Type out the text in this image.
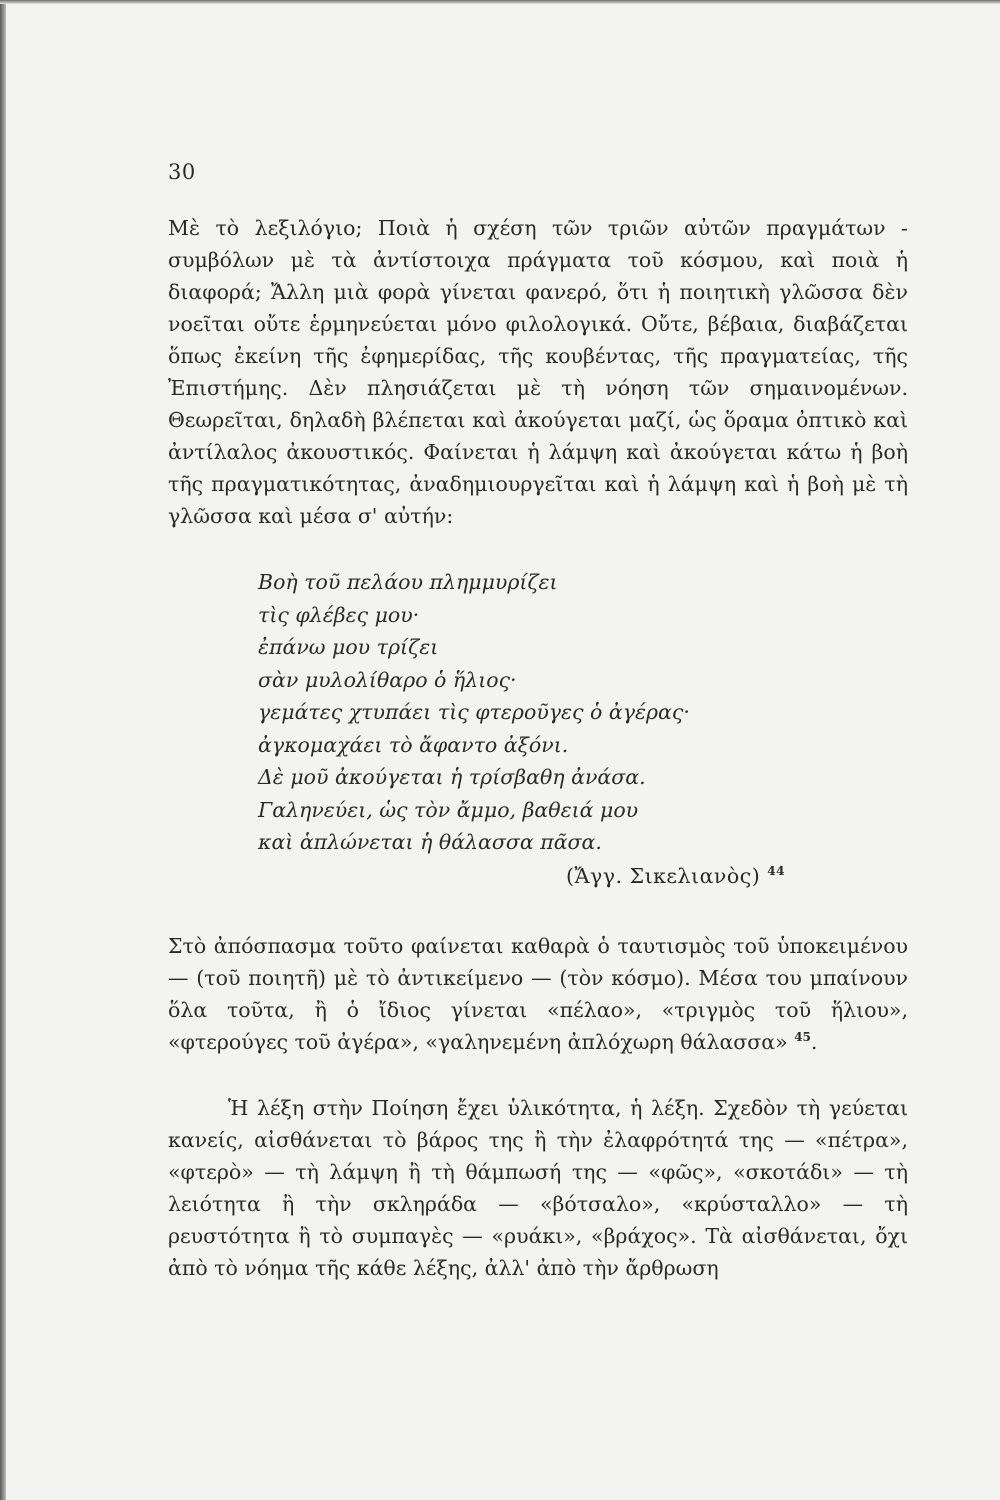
30

Μὲ τὸ λεξιλόγιο; Ποιὰ ἡ σχέση τῶν τριῶν αὐτῶν πραγμάτων - συμβόλων μὲ τὰ ἀντίστοιχα πράγματα τοῦ κόσμου, καὶ ποιὰ ἡ διαφορά; Ἄλλη μιὰ φορὰ γίνεται φανερό, ὅτι ἡ ποιητικὴ γλῶσσα δὲν νοεῖται οὔτε ἑρμηνεύεται μόνο φιλολογικά. Οὔτε, βέβαια, διαβάζεται ὅπως ἐκείνη τῆς ἐφημερίδας, τῆς κουβέντας, τῆς πραγματείας, τῆς Ἐπιστήμης. Δὲν πλησιάζεται μὲ τὴ νόηση τῶν σημαινομένων. Θεωρεῖται, δηλαδὴ βλέπεται καὶ ἀκούγεται μαζί, ὡς ὅραμα ὀπτικὸ καὶ ἀντίλαλος ἀκουστικός. Φαίνεται ἡ λάμψη καὶ ἀκούγεται κάτω ἡ βοὴ τῆς πραγματικότητας, ἀναδημιουργεῖται καὶ ἡ λάμψη καὶ ἡ βοὴ μὲ τὴ γλῶσσα καὶ μέσα σ' αὐτήν:

Βοὴ τοῦ πελάου πλημμυρίζει
τὶς φλέβες μου·
ἐπάνω μου τρίζει
σὰν μυλολίθαρο ὁ ἥλιος·
γεμάτες χτυπάει τὶς φτεροῦγες ὁ ἀγέρας·
ἀγκομαχάει τὸ ἄφαντο ἀξόνι.
Δὲ μοῦ ἀκούγεται ἡ τρίσβαθη ἀνάσα.
Γαληνεύει, ὡς τὸν ἄμμο, βαθειά μου
καὶ ἁπλώνεται ἡ θάλασσα πᾶσα.
(Ἄγγ. Σικελιανὸς) $^{44}$

Στὸ ἀπόσπασμα τοῦτο φαίνεται καθαρὰ ὁ ταυτισμὸς τοῦ ὑποκειμένου — (τοῦ ποιητῆ) μὲ τὸ ἀντικείμενο — (τὸν κόσμο). Μέσα του μπαίνουν ὅλα τοῦτα, ἢ ὁ ἴδιος γίνεται «πέλαο», «τριγμὸς τοῦ ἥλιου», «φτερούγες τοῦ ἀγέρα», «γαληνεμένη ἀπλόχωρη θάλασσα» $^{45}$.

Ἡ λέξη στὴν Ποίηση ἔχει ὑλικότητα, ἡ λέξη. Σχεδὸν τὴ γεύεται κανείς, αἰσθάνεται τὸ βάρος της ἢ τὴν ἐλαφρότητά της — «πέτρα», «φτερὸ» — τὴ λάμψη ἢ τὴ θάμπωσή της — «φῶς», «σκοτάδι» — τὴ λειότητα ἢ τὴν σκληράδα — «βότσαλο», «κρύσταλλο» — τὴ ρευστότητα ἢ τὸ συμπαγὲς — «ρυάκι», «βράχος». Τὰ αἰσθάνεται, ὄχι ἀπὸ τὸ νόημα τῆς κάθε λέξης, ἀλλ' ἀπὸ τὴν ἄρθρωση
